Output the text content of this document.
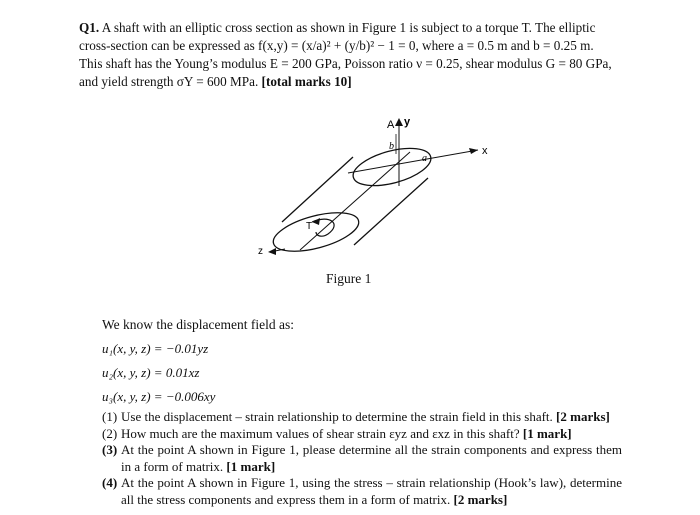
Q1. A shaft with an elliptic cross section as shown in Figure 1 is subject to a torque T. The elliptic
cross-section can be expressed as f(x,y) = (x/a)² + (y/b)² − 1 = 0, where a = 0.5 m and b = 0.25 m.
This shaft has the Young’s modulus E = 200 GPa, Poisson ratio ν = 0.25, shear modulus G = 80 GPa,
and yield strength σY = 600 MPa. [total marks 10]
A y
x
b
a
z
T
Figure 1
We know the displacement field as:
u₁(x, y, z) = −0.01yz
u₂(x, y, z) = 0.01xz
u₃(x, y, z) = −0.006xy
(1) Use the displacement – strain relationship to determine the strain field in this shaft. [2 marks]
(2) How much are the maximum values of shear strain εyz and εxz in this shaft? [1 mark]
(3) At the point A shown in Figure 1, please determine all the strain components and express them in a form of matrix. [1 mark]
(4) At the point A shown in Figure 1, using the stress – strain relationship (Hook’s law), determine all the stress components and express them in a form of matrix. [2 marks]
